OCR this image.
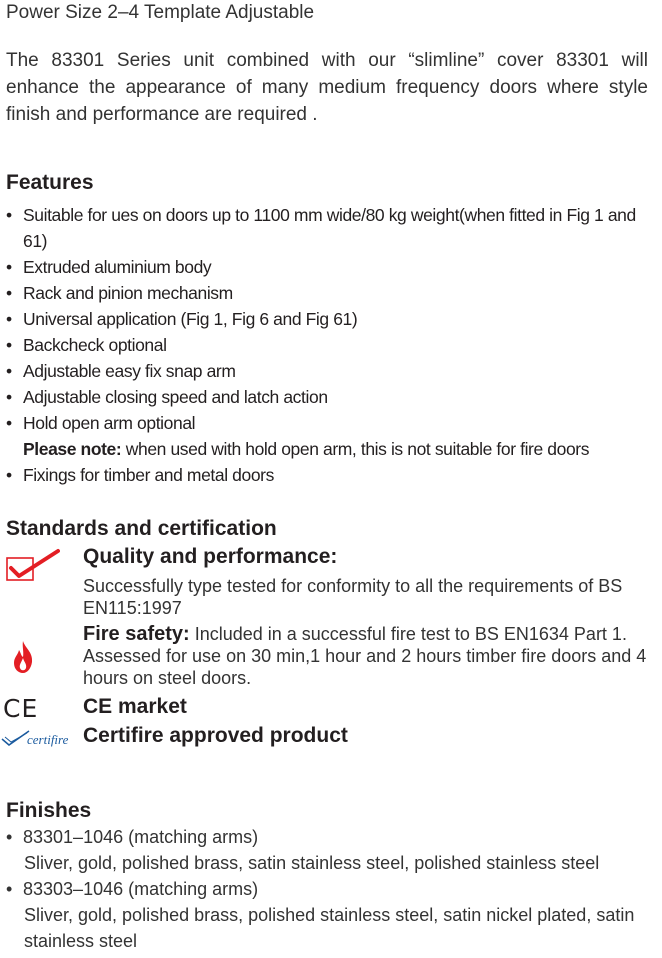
Power Size 2–4 Template Adjustable
The 83301 Series unit combined with our “slimline” cover 83301 will enhance the appearance of many medium frequency doors where style finish and performance are required .
Features
• Suitable for ues on doors up to 1100 mm wide/80 kg weight(when fitted in Fig 1 and 61)
• Extruded aluminium body
• Rack and pinion mechanism
• Universal application (Fig 1, Fig 6 and Fig 61)
• Backcheck optional
• Adjustable easy fix snap arm
• Adjustable closing speed and latch action
• Hold open arm optional
Please note: when used with hold open arm, this is not suitable for fire doors
• Fixings for timber and metal doors
Standards and certification
Quality and performance:
Successfully type tested for conformity to all the requirements of BS EN115:1997
Fire safety: Included in a successful fire test to BS EN1634 Part 1. Assessed for use on 30 min,1 hour and 2 hours timber fire doors and 4 hours on steel doors.
CE CE market
certifire Certifire approved product
Finishes
• 83301–1046 (matching arms)
Sliver, gold, polished brass, satin stainless steel, polished stainless steel
• 83303–1046 (matching arms)
Sliver, gold, polished brass, polished stainless steel, satin nickel plated, satin stainless steel
